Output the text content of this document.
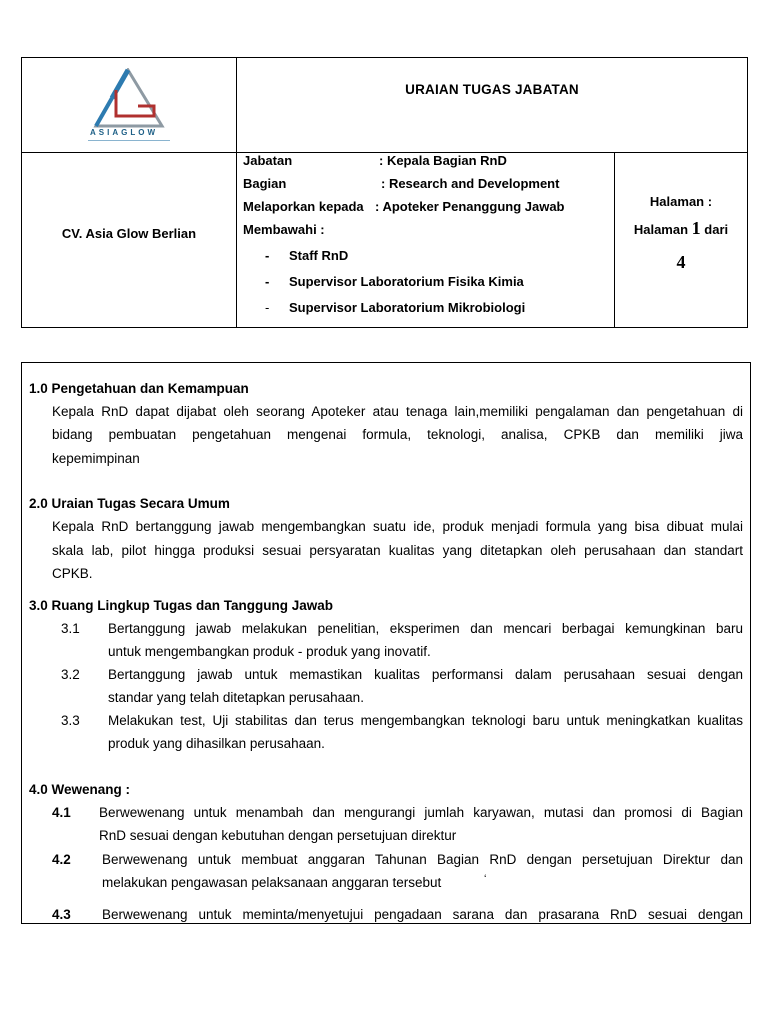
ASIAGLOW
URAIAN TUGAS JABATAN
CV. Asia Glow Berlian
Jabatan	: Kepala Bagian RnD
Bagian	: Research and Development
Melaporkan kepada : Apoteker Penanggung Jawab
Membawahi :
- Staff RnD
- Supervisor Laboratorium Fisika Kimia
- Supervisor Laboratorium Mikrobiologi
Halaman :
Halaman 1 dari
4
1.0 Pengetahuan dan Kemampuan
Kepala RnD dapat dijabat oleh seorang Apoteker atau tenaga lain,memiliki pengalaman dan pengetahuan di
bidang pembuatan pengetahuan mengenai formula, teknologi, analisa, CPKB dan memiliki jiwa
kepemimpinan
2.0 Uraian Tugas Secara Umum
Kepala RnD bertanggung jawab mengembangkan suatu ide, produk menjadi formula yang bisa dibuat mulai
skala lab, pilot hingga produksi sesuai persyaratan kualitas yang ditetapkan oleh perusahaan dan standart
CPKB.
3.0 Ruang Lingkup Tugas dan Tanggung Jawab
3.1 Bertanggung jawab melakukan penelitian, eksperimen dan mencari berbagai kemungkinan baru
untuk mengembangkan produk - produk yang inovatif.
3.2 Bertanggung jawab untuk memastikan kualitas performansi dalam perusahaan sesuai dengan
standar yang telah ditetapkan perusahaan.
3.3 Melakukan test, Uji stabilitas dan terus mengembangkan teknologi baru untuk meningkatkan kualitas
produk yang dihasilkan perusahaan.
4.0 Wewenang :
4.1 Berwewenang untuk menambah dan mengurangi jumlah karyawan, mutasi dan promosi di Bagian
RnD sesuai dengan kebutuhan dengan persetujuan direktur
4.2 Berwewenang untuk membuat anggaran Tahunan Bagian RnD dengan persetujuan Direktur dan
melakukan pengawasan pelaksanaan anggaran tersebut	‘
4.3 Berwewenang untuk meminta/menyetujui pengadaan sarana dan prasarana RnD sesuai dengan
